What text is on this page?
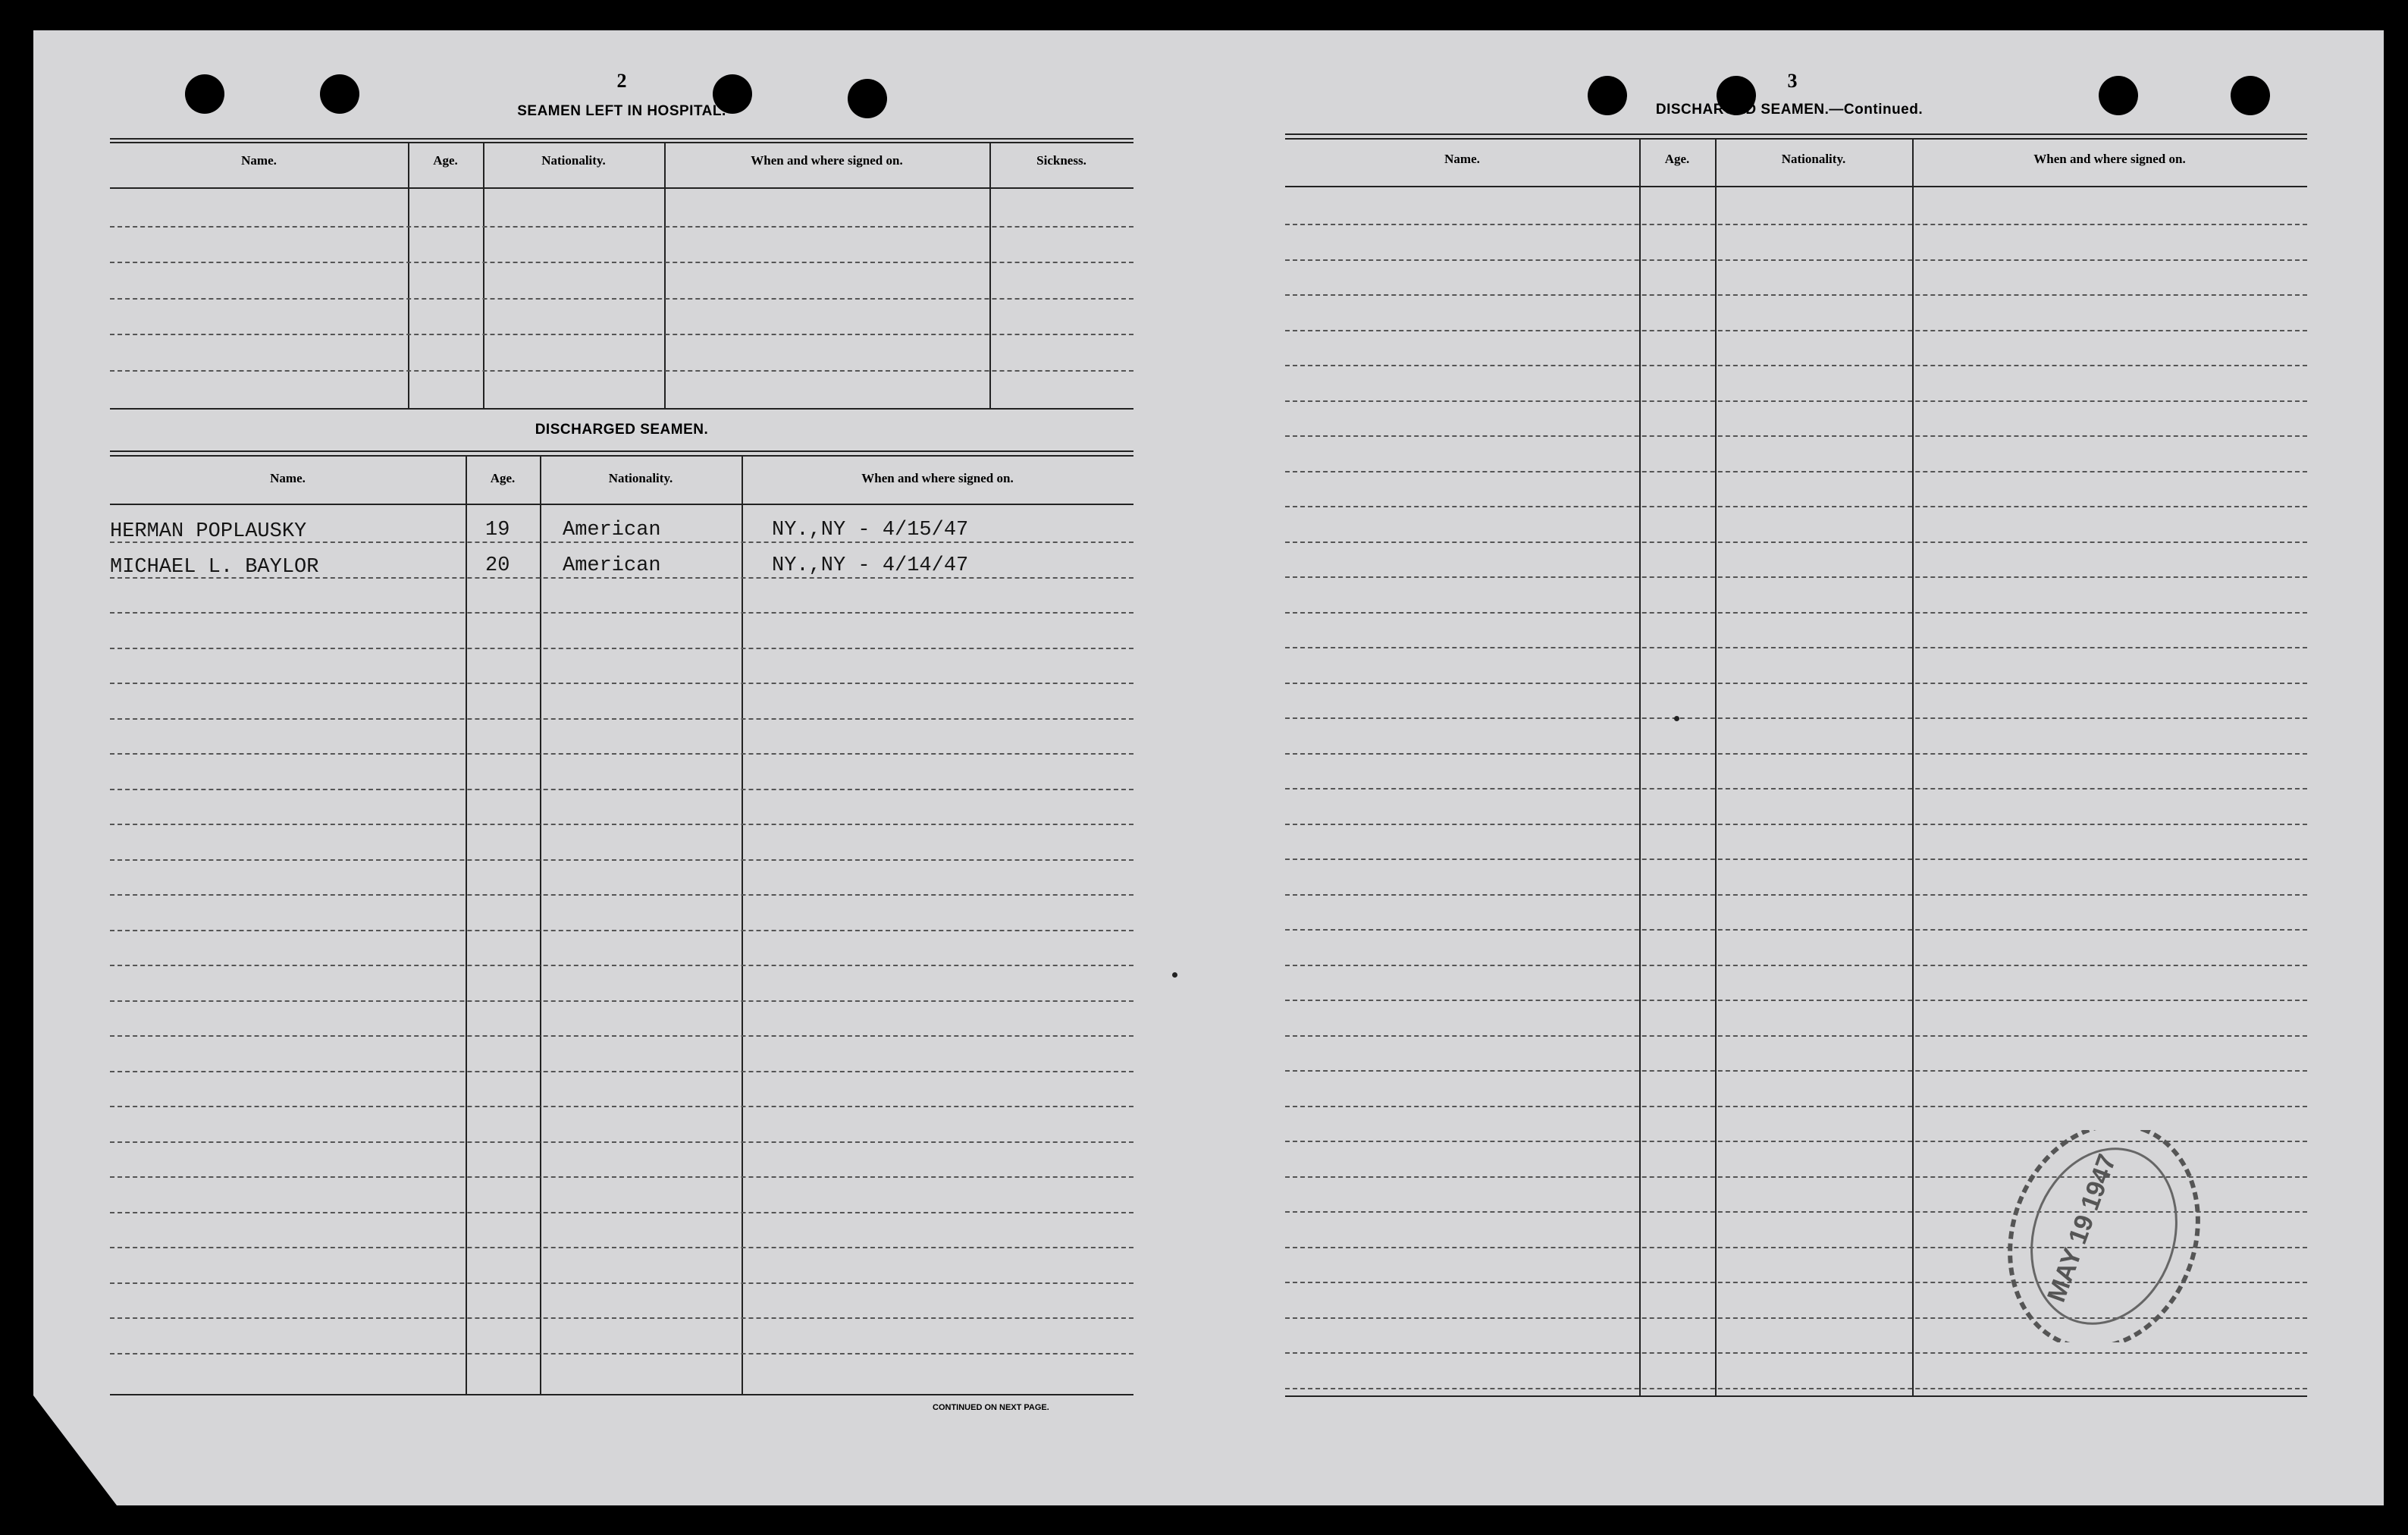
2
SEAMEN LEFT IN HOSPITAL.
Name.	Age.	Nationality.	When and where signed on.	Sickness.
DISCHARGED SEAMEN.
Name.	Age.	Nationality.	When and where signed on.
HERMAN POPLAUSKY	19	American	NY.,NY - 4/15/47
MICHAEL L. BAYLOR	20	American	NY.,NY - 4/14/47
CONTINUED ON NEXT PAGE.
3
DISCHARGED SEAMEN.—Continued.
Name.	Age.	Nationality.	When and where signed on.
MAY 19 1947
